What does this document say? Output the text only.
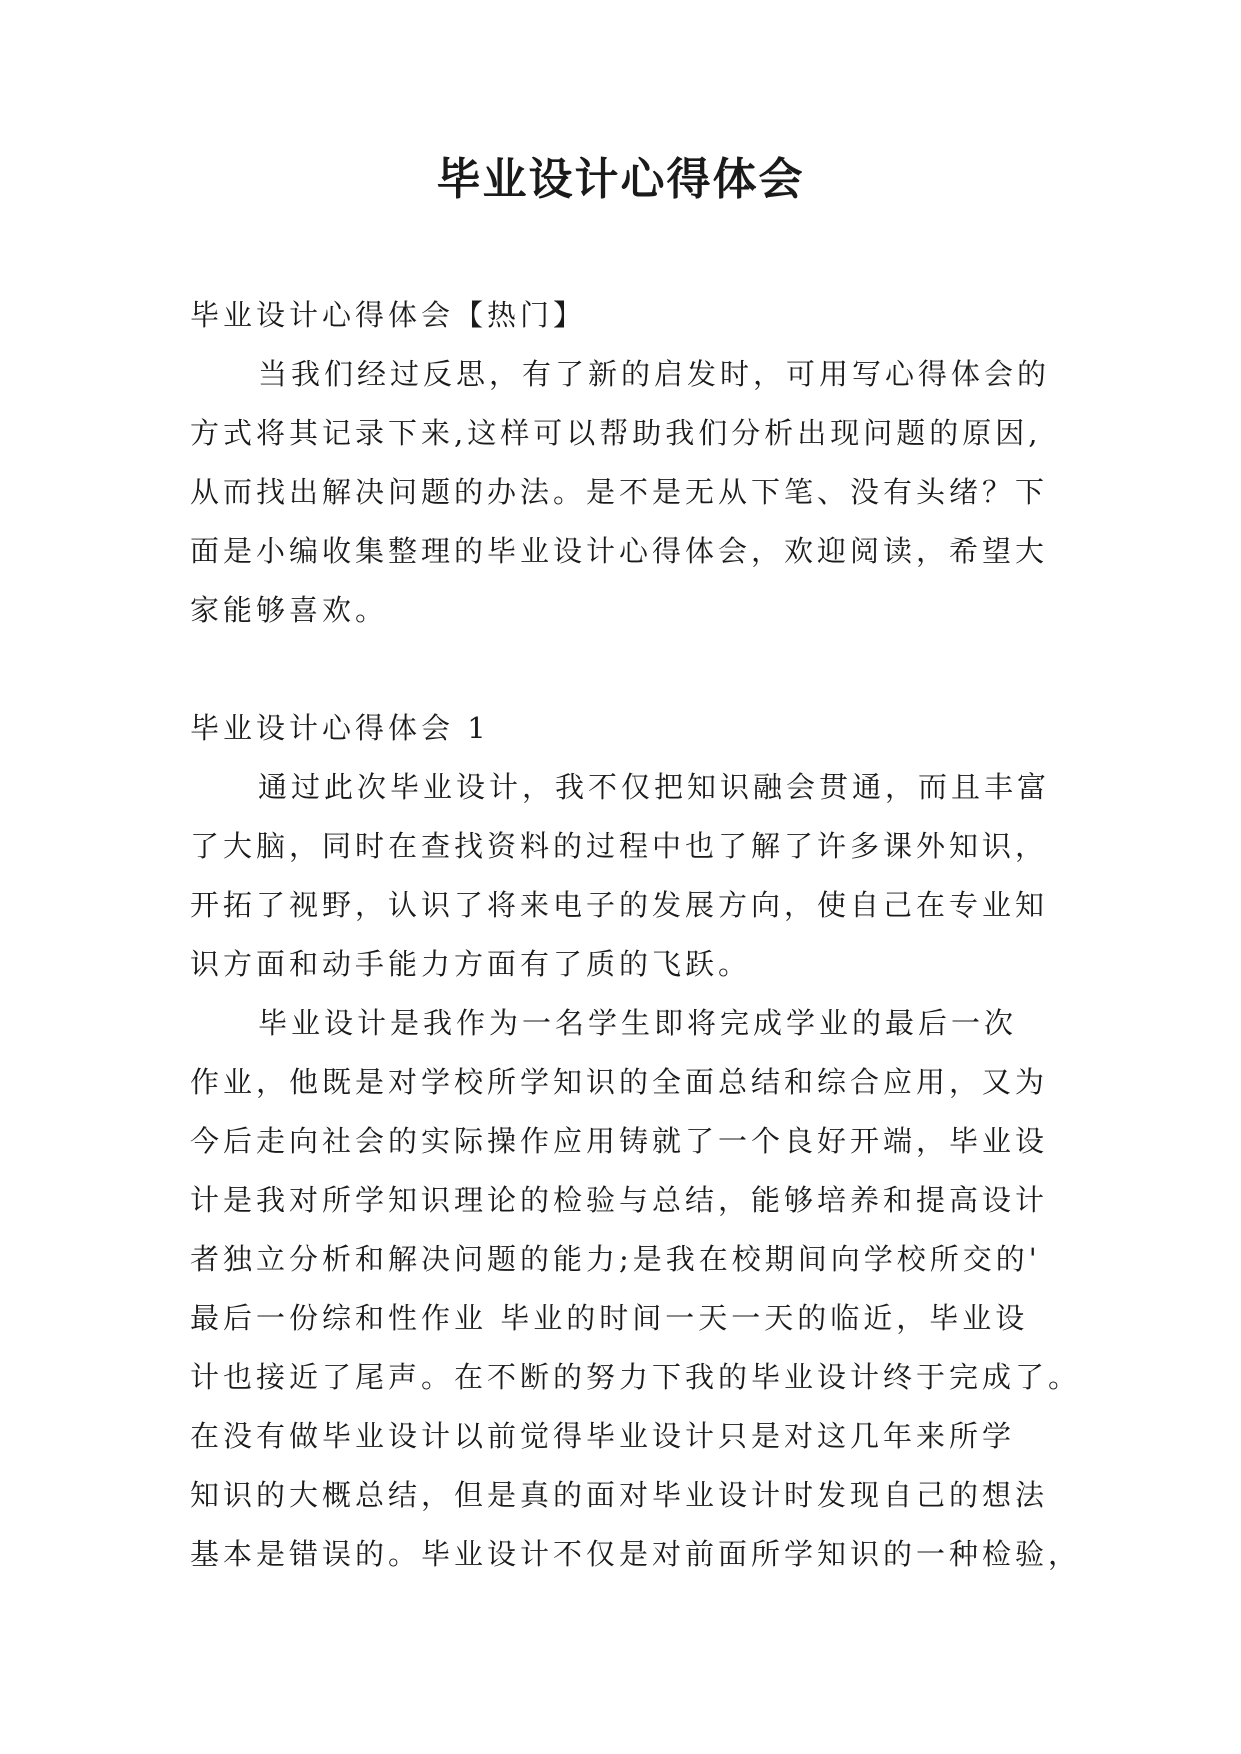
毕业设计心得体会
毕业设计心得体会【热门】
当我们经过反思，有了新的启发时，可用写心得体会的
方式将其记录下来,这样可以帮助我们分析出现问题的原因,
从而找出解决问题的办法。是不是无从下笔、没有头绪？下
面是小编收集整理的毕业设计心得体会，欢迎阅读，希望大
家能够喜欢。
毕业设计心得体会 1
通过此次毕业设计，我不仅把知识融会贯通，而且丰富
了大脑，同时在查找资料的过程中也了解了许多课外知识，
开拓了视野，认识了将来电子的发展方向，使自己在专业知
识方面和动手能力方面有了质的飞跃。
毕业设计是我作为一名学生即将完成学业的最后一次
作业，他既是对学校所学知识的全面总结和综合应用，又为
今后走向社会的实际操作应用铸就了一个良好开端，毕业设
计是我对所学知识理论的检验与总结，能够培养和提高设计
者独立分析和解决问题的能力;是我在校期间向学校所交的'
最后一份综和性作业 毕业的时间一天一天的临近，毕业设
计也接近了尾声。在不断的努力下我的毕业设计终于完成了。
在没有做毕业设计以前觉得毕业设计只是对这几年来所学
知识的大概总结，但是真的面对毕业设计时发现自己的想法
基本是错误的。毕业设计不仅是对前面所学知识的一种检验，
